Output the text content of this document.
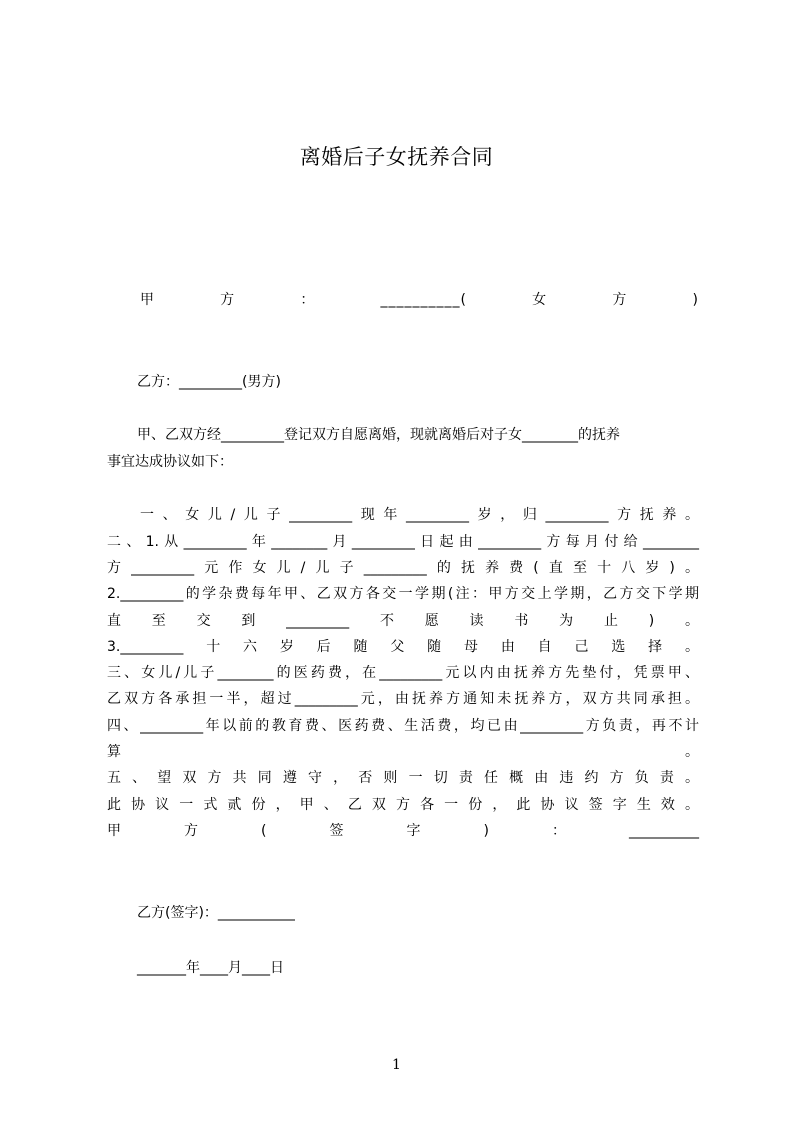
离婚后子女抚养合同
甲方：__________(女方)
乙方：_________(男方)
甲、乙双方经_________登记双方自愿离婚，现就离婚后对子女________的抚养
事宜达成协议如下：
一、女儿/儿子_________现年_________岁，归_________方抚养。
二、1.从_________年________月_________日起由_________方每月付给________
方_________元作女儿/儿子_________的抚养费(直至十八岁)。
2._________的学杂费每年甲、乙双方各交一学期(注：甲方交上学期，乙方交下学期
直至交到_________不愿读书为止)。
3._________十六岁后随父随母由自己选择。
三、女儿/儿子________的医药费，在_________元以内由抚养方先垫付，凭票甲、
乙双方各承担一半，超过_________元，由抚养方通知未抚养方，双方共同承担。
四、_________年以前的教育费、医药费、生活费，均已由_________方负责，再不计
算。
五、望双方共同遵守，否则一切责任概由违约方负责。
此协议一式贰份，甲、乙双方各一份，此协议签字生效。
甲方(签字)：__________
乙方(签字)：___________
_______年____月____日
1
